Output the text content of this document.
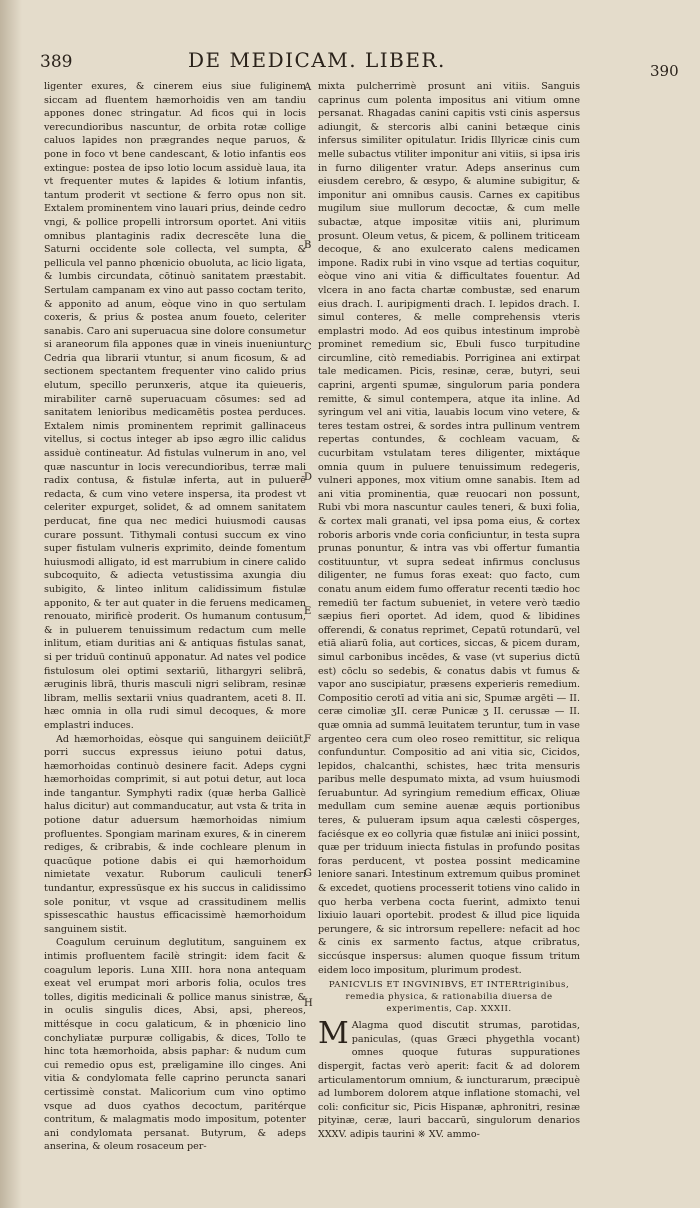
389	DE MEDICAM. LIBER.	390

ligenter exures, & cinerem eius siue fuliginem siccam ad fluentem hæmorhoidis ven am tandiu appones donec stringatur. Ad ficos qui in locis verecundioribus nascuntur, de orbita rotæ collige caluos lapides non prægrandes neque paruos, & pone in foco vt bene candescant, & lotio infantis eos extingue: postea de ipso lotio locum assiduè laua, ita vt frequenter mutes & lapides & lotium infantis, tantum proderit vt sectione & ferro opus non sit. Extalem prominentem vino lauari prius, deinde cedro vngi, & pollice propelli introrsum oportet. Ani vitiis omnibus plantaginis radix decrescēte luna die Saturni occidente sole collecta, vel sumpta, & pellicula vel panno phœnicio obuoluta, ac licio ligata, & lumbis circundata, cōtinuò sanitatem præstabit. Sertulam campanam ex vino aut passo coctam terito, & apponito ad anum, eòque vino in quo sertulam coxeris, & prius & postea anum foueto, celeriter sanabis. Caro ani superuacua sine dolore consumetur si araneorum fila appones quæ in vineis inueniuntur. Cedria qua librarii vtuntur, si anum ficosum, & ad sectionem spectantem frequenter vino calido prius elutum, specillo perunxeris, atque ita quieueris, mirabiliter carnē superuacuam cōsumes: sed ad sanitatem lenioribus medicamētis postea perduces. Extalem nimis prominentem reprimit gallinaceus vitellus, si coctus integer ab ipso ægro illic calidus assiduè contineatur. Ad fistulas vulnerum in ano, vel quæ nascuntur in locis verecundioribus, terræ mali radix contusa, & fistulæ inferta, aut in puluerē redacta, & cum vino vetere inspersa, ita prodest vt celeriter expurget, solidet, & ad omnem sanitatem perducat, fine qua nec medici huiusmodi causas curare possunt. Tithymali contusi succum ex vino super fistulam vulneris exprimito, deinde fomentum huiusmodi alligato, id est marrubium in cinere calido subcoquito, & adiecta vetustissima axungia diu subigito, & linteo inlitum calidissimum fistulæ apponito, & ter aut quater in die feruens medicamen renouato, mirificè proderit. Os humanum contusum, & in puluerem tenuissimum redactum cum melle inlitum, etiam duritias ani & antiquas fistulas sanat, si per triduū continuū apponatur. Ad nates vel podice fistulosum olei optimi sextariū, lithargyri selibrā, æruginis librā, thuris masculi nigri selibram, resinæ libram, mellis sextarii vnius quadrantem, aceti 8. II. hæc omnia in olla rudi simul decoques, & more emplastri induces.

Ad hæmorhoidas, eòsque qui sanguinem deiiciūt, porri succus expressus ieiuno potui datus, hæmorhoidas continuò desinere facit. Adeps cygni hæmorhoidas comprimit, si aut potui detur, aut loca inde tangantur. Symphyti radix (quæ herba Gallicè halus dicitur) aut commanducatur, aut vsta & trita in potione datur aduersum hæmorhoidas nimium profluentes. Spongiam marinam exures, & in cinerem rediges, & cribrabis, & inde cochleare plenum in quacūque potione dabis ei qui hæmorhoidum nimietate vexatur. Ruborum cauliculi teneri tundantur, expressūsque ex his succus in calidissimo sole ponitur, vt vsque ad crassitudinem mellis spissescathic haustus efficacissimè hæmorhoidum sanguinem sistit.

Coagulum ceruinum deglutitum, sanguinem ex intimis profluentem facilè stringit: idem facit & coagulum leporis. Luna XIII. hora nona antequam exeat vel erumpat mori arboris folia, oculos tres tolles, digitis medicinali & pollice manus sinistræ, & in oculis singulis dices, Absi, apsi, phereos, mittésque in cocu galaticum, & in phœnicio lino conchyliatæ purpuræ colligabis, & dices, Tollo te hinc tota hæmorhoida, absis paphar: & nudum cum cui remedio opus est, præligamine illo cinges. Ani vitia & condylomata felle caprino peruncta sanari certissimè constat. Malicorium cum vino optimo vsque ad duos cyathos decoctum, paritérque contritum, & malagmatis modo impositum, potenter ani condylomata persanat. Butyrum, & adeps anserina, & oleum rosaceum per-

A
B
C
D
E
F
G
H

mixta pulcherrimè prosunt ani vitiis. Sanguis caprinus cum polenta impositus ani vitium omne persanat. Rhagadas canini capitis vsti cinis aspersus adiungit, & stercoris albi canini betæque cinis infersus similiter opitulatur. Iridis Illyricæ cinis cum melle subactus vtiliter imponitur ani vitiis, si ipsa iris in furno diligenter vratur. Adeps anserinus cum eiusdem cerebro, & œsypo, & alumine subigitur, & imponitur ani omnibus causis. Carnes ex capitibus mugilum siue mullorum decoctæ, & cum melle subactæ, atque impositæ vitiis ani, plurimum prosunt. Oleum vetus, & picem, & pollinem triticeam decoque, & ano exulcerato calens medicamen impone. Radix rubi in vino vsque ad tertias coquitur, eòque vino ani vitia & difficultates fouentur. Ad vlcera in ano facta chartæ combustæ, sed enarum eius drach. I. auripigmenti drach. I. lepidos drach. I. simul conteres, & melle comprehensis vteris emplastri modo. Ad eos quibus intestinum improbè prominet remedium sic, Ebuli fusco turpitudine circumline, citò remediabis. Porriginea ani extirpat tale medicamen. Picis, resinæ, ceræ, butyri, seui caprini, argenti spumæ, singulorum paria pondera remitte, & simul contempera, atque ita inline. Ad syringum vel ani vitia, lauabis locum vino vetere, & teres testam ostrei, & sordes intra pullinum ventrem repertas contundes, & cochleam vacuam, & cucurbitam vstulatam teres diligenter, mixtáque omnia quum in puluere tenuissimum redegeris, vulneri appones, mox vitium omne sanabis. Item ad ani vitia prominentia, quæ reuocari non possunt, Rubi vbi mora nascuntur caules teneri, & buxi folia, & cortex mali granati, vel ipsa poma eius, & cortex roboris arboris vnde coria conficiuntur, in testa supra prunas ponuntur, & intra vas vbi offertur fumantia costituuntur, vt supra sedeat infirmus conclusus diligenter, ne fumus foras exeat: quo facto, cum conatu anum eidem fumo offeratur recenti tædio hoc remediū ter factum subueniet, in vetere verò tædio sæpius fieri oportet. Ad idem, quod & libidines offerendi, & conatus reprimet, Cepatū rotundarū, vel etiā aliarū folia, aut cortices, siccas, & picem duram, simul carbonibus incēdes, & vase (vt superius dictū est) cōclu so sedebis, & conatus dabis vt fumus & vapor ano suscipiatur, præsens experieris remedium. Compositio cerotī ad vitia ani sic, Spumæ argēti — II. ceræ cimoliæ ʒII. ceræ Punicæ ʒ II. cerussæ — II. quæ omnia ad summā leuitatem teruntur, tum in vase argenteo cera cum oleo roseo remittitur, sic reliqua confunduntur. Compositio ad ani vitia sic, Cicidos, lepidos, chalcanthi, schistes, hæc trita mensuris paribus melle despumato mixta, ad vsum huiusmodi ſeruabuntur. Ad syringium remedium efficax, Oliuæ medullam cum semine auenæ æquis portionibus teres, & pulueram ipsum aqua cælesti cōsperges, faciésque ex eo collyria quæ fistulæ ani iniici possint, quæ per triduum iniecta fistulas in profundo positas foras perducent, vt postea possint medicamine leniore sanari. Intestinum extremum quibus prominet & excedet, quotiens processerit totiens vino calido in quo herba verbena cocta fuerint, admixto tenui lixiuio lauari oportebit. prodest & illud pice liquida perungere, & sic introrsum repellere: nefacit ad hoc & cinis ex sarmento factus, atque cribratus, siccúsque inspersus: alumen quoque fissum tritum eidem loco impositum, plurimum prodest.

PANICVLIS ET INGVINIBVS, ET INTERtriginibus, remedia physica, & rationabilia diuersa de experimentis, Cap. XXXII.

M Alagma quod discutit strumas, parotidas, paniculas, (quas Græci phygethla vocant) omnes quoque futuras suppurationes dispergit, factas verò aperit: facit & ad dolorem articulamentorum omnium, & iuncturarum, præcipuè ad lumborem dolorem atque inflatione stomachi, vel coli: conficitur sic, Picis Hispanæ, aphronitri, resinæ pityinæ, ceræ, lauri baccarū, singulorum denarios XXXV. adipis taurini ※ XV. ammo-
